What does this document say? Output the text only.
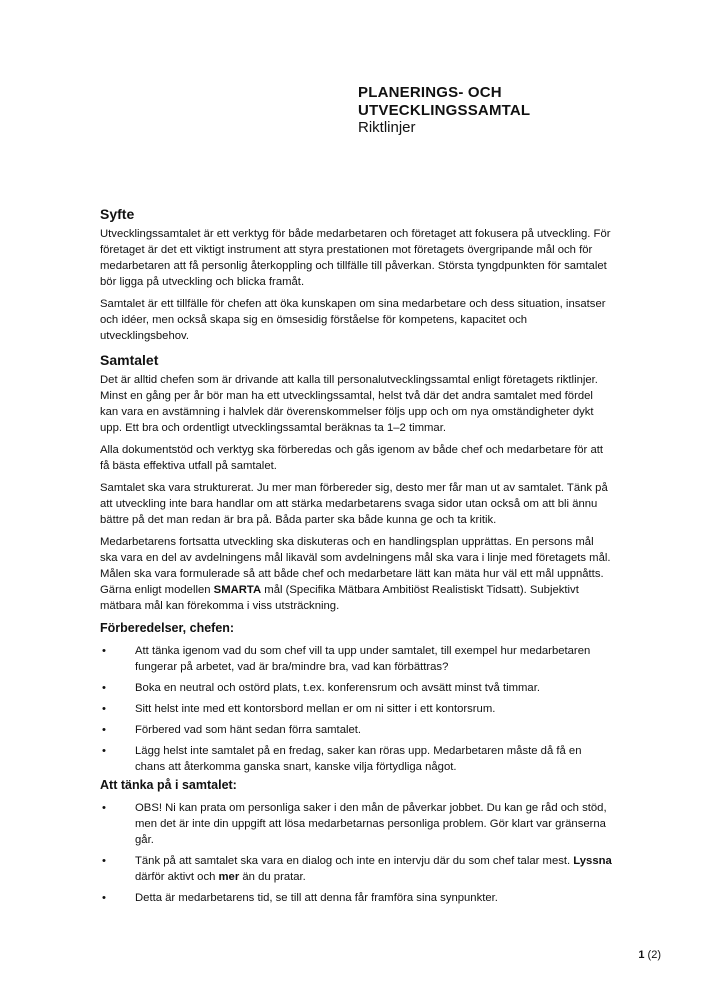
PLANERINGS- OCH
UTVECKLINGSSAMTAL
Riktlinjer
Syfte

Utvecklingssamtalet är ett verktyg för både medarbetaren och företaget att fokusera på utveckling. För företaget är det ett viktigt instrument att styra prestationen mot företagets övergripande mål och för medarbetaren att få personlig återkoppling och tillfälle till påverkan. Största tyngdpunkten för samtalet bör ligga på utveckling och blicka framåt.

Samtalet är ett tillfälle för chefen att öka kunskapen om sina medarbetare och dess situation, insatser och idéer, men också skapa sig en ömsesidig förståelse för kompetens, kapacitet och utvecklingsbehov.

Samtalet

Det är alltid chefen som är drivande att kalla till personalutvecklingssamtal enligt företagets riktlinjer. Minst en gång per år bör man ha ett utvecklingssamtal, helst två där det andra samtalet med fördel kan vara en avstämning i halvlek där överenskommelser följs upp och om nya omständigheter dykt upp. Ett bra och ordentligt utvecklingssamtal beräknas ta 1–2 timmar.

Alla dokumentstöd och verktyg ska förberedas och gås igenom av både chef och medarbetare för att få bästa effektiva utfall på samtalet.

Samtalet ska vara strukturerat. Ju mer man förbereder sig, desto mer får man ut av samtalet. Tänk på att utveckling inte bara handlar om att stärka medarbetarens svaga sidor utan också om att bli ännu bättre på det man redan är bra på. Båda parter ska både kunna ge och ta kritik.

Medarbetarens fortsatta utveckling ska diskuteras och en handlingsplan upprättas. En persons mål ska vara en del av avdelningens mål likaväl som avdelningens mål ska vara i linje med företagets mål. Målen ska vara formulerade så att både chef och medarbetare lätt kan mäta hur väl ett mål uppnåtts. Gärna enligt modellen SMARTA mål (Specifika Mätbara Ambitiöst Realistiskt Tidsatt). Subjektivt mätbara mål kan förekomma i viss utsträckning.

Förberedelser, chefen:
• Att tänka igenom vad du som chef vill ta upp under samtalet, till exempel hur medarbetaren fungerar på arbetet, vad är bra/mindre bra, vad kan förbättras?
• Boka en neutral och ostörd plats, t.ex. konferensrum och avsätt minst två timmar.
• Sitt helst inte med ett kontorsbord mellan er om ni sitter i ett kontorsrum.
• Förbered vad som hänt sedan förra samtalet.
• Lägg helst inte samtalet på en fredag, saker kan röras upp. Medarbetaren måste då få en chans att återkomma ganska snart, kanske vilja förtydliga något.
Att tänka på i samtalet:
• OBS! Ni kan prata om personliga saker i den mån de påverkar jobbet. Du kan ge råd och stöd, men det är inte din uppgift att lösa medarbetarnas personliga problem. Gör klart var gränserna går.
• Tänk på att samtalet ska vara en dialog och inte en intervju där du som chef talar mest. Lyssna därför aktivt och mer än du pratar.
• Detta är medarbetarens tid, se till att denna får framföra sina synpunkter.
1 (2)
